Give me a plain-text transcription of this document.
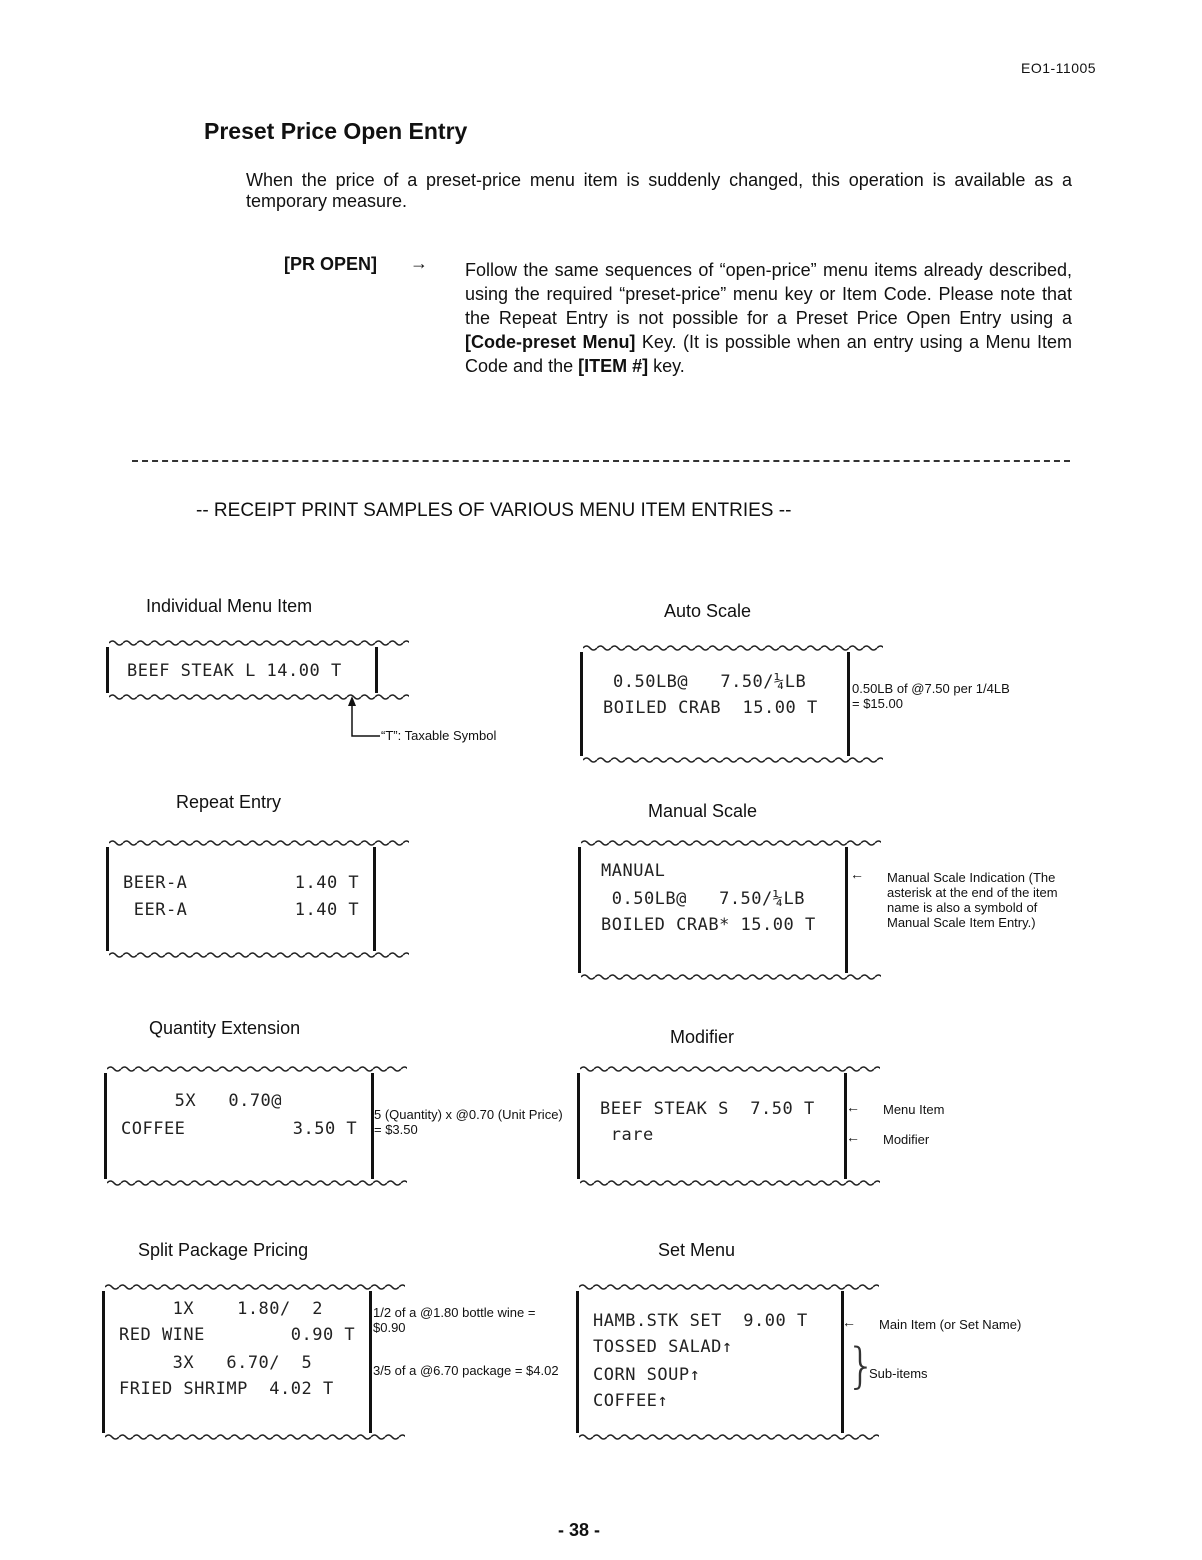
EO1-11005
Preset Price Open Entry
When the price of a preset-price menu item is suddenly changed, this operation is available as a temporary measure.
[PR OPEN] → Follow the same sequences of “open-price” menu items already described, using the required “preset-price” menu key or Item Code. Please note that the Repeat Entry is not possible for a Preset Price Open Entry using a [Code-preset Menu] Key. (It is possible when an entry using a Menu Item Code and the [ITEM #] key.
-- RECEIPT PRINT SAMPLES OF VARIOUS MENU ITEM ENTRIES --
Individual Menu Item
BEEF STEAK L 14.00 T
“T”: Taxable Symbol
Auto Scale
0.50LB@   7.50/¼LB
BOILED CRAB  15.00 T
0.50LB of @7.50 per 1/4LB = $15.00
Repeat Entry
BEER-A          1.40 T
EER-A          1.40 T
Manual Scale
MANUAL
0.50LB@   7.50/¼LB
BOILED CRAB* 15.00 T
← Manual Scale Indication (The asterisk at the end of the item name is also a symbold of Manual Scale Item Entry.)
Quantity Extension
5X   0.70@
COFFEE          3.50 T
5 (Quantity) x @0.70 (Unit Price) = $3.50
Modifier
BEEF STEAK S  7.50 T
rare
← Menu Item
← Modifier
Split Package Pricing
1X    1.80/  2
RED WINE        0.90 T
3X   6.70/  5
FRIED SHRIMP  4.02 T
1/2 of a @1.80 bottle wine = $0.90
3/5 of a @6.70 package = $4.02
Set Menu
HAMB.STK SET  9.00 T
TOSSED SALAD↑
CORN SOUP↑
COFFEE↑
← Main Item (or Set Name)
}
Sub-items
- 38 -
